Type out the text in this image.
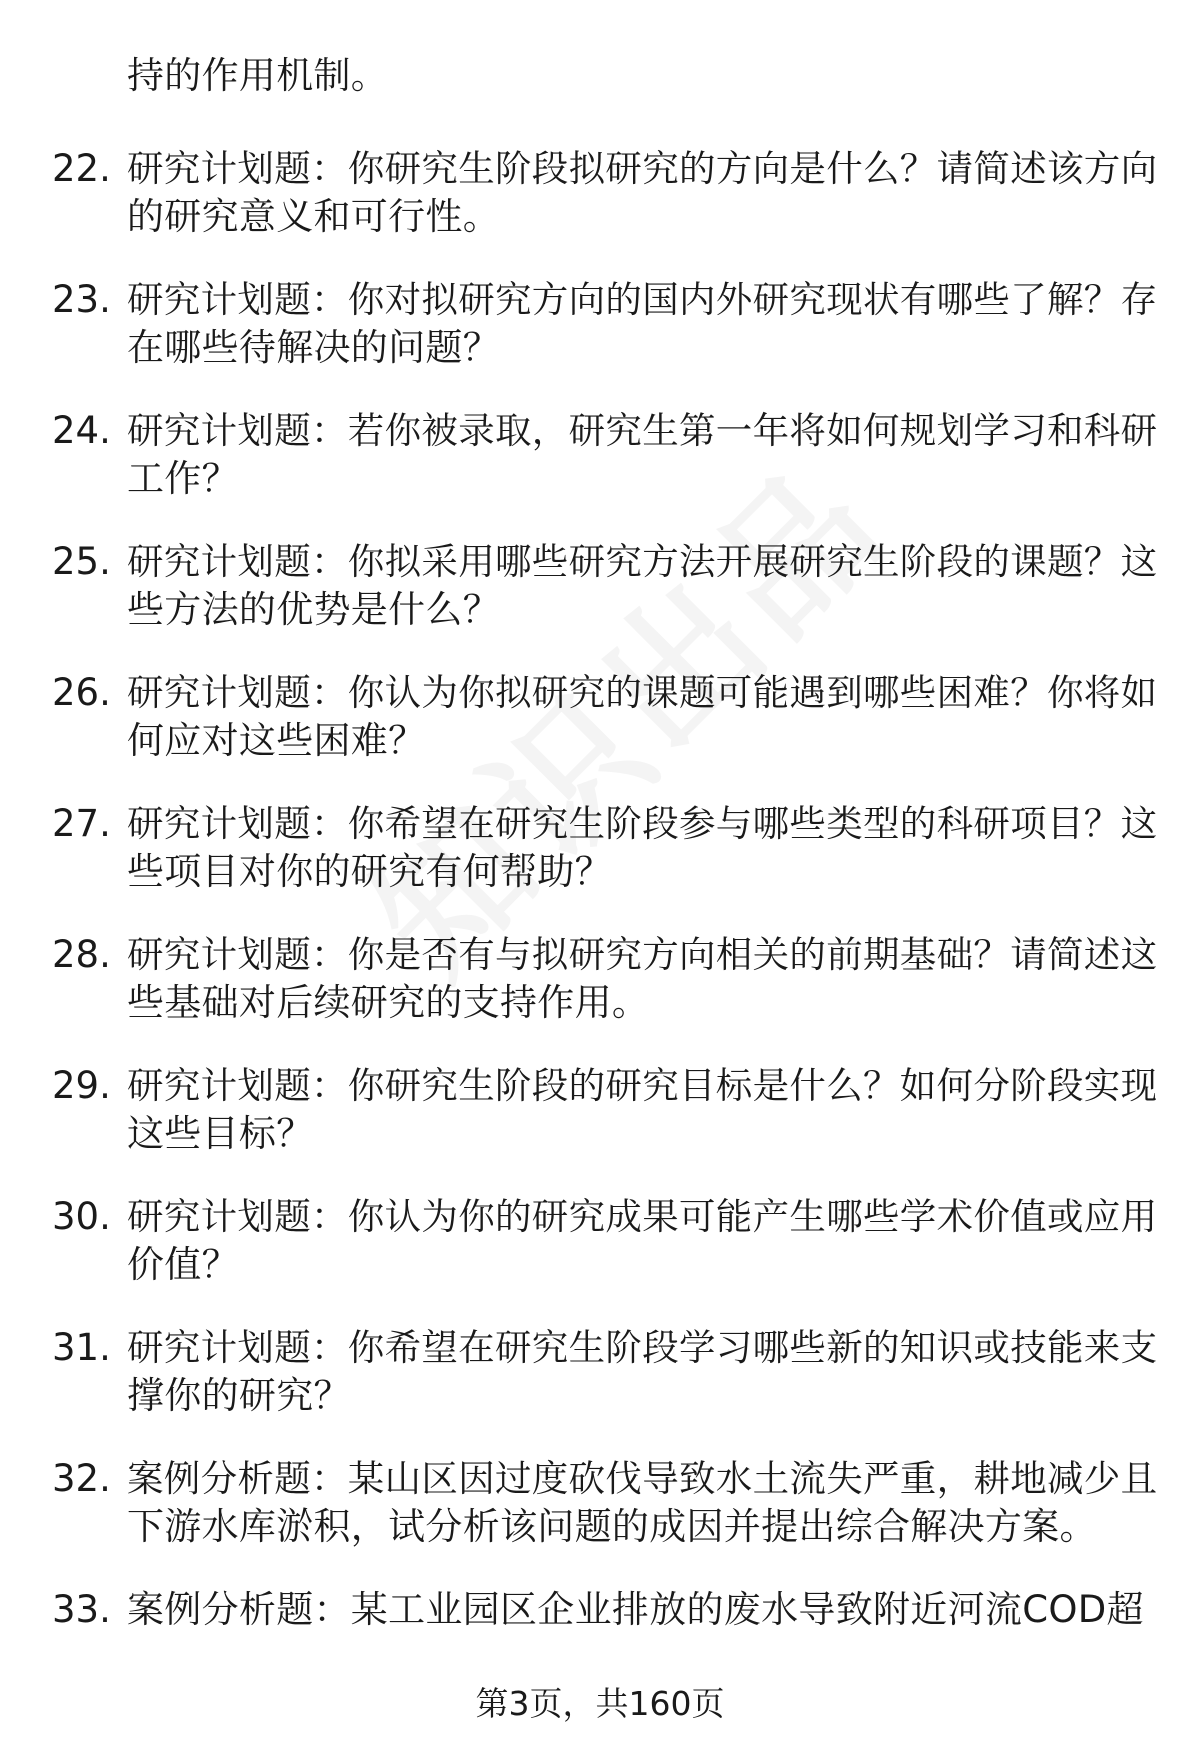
持的作用机制。
22. 研究计划题：你研究生阶段拟研究的方向是什么？请简述该方向
的研究意义和可行性。
23. 研究计划题：你对拟研究方向的国内外研究现状有哪些了解？存
在哪些待解决的问题？
24. 研究计划题：若你被录取，研究生第一年将如何规划学习和科研
工作？
25. 研究计划题：你拟采用哪些研究方法开展研究生阶段的课题？这
些方法的优势是什么？
26. 研究计划题：你认为你拟研究的课题可能遇到哪些困难？你将如
何应对这些困难？
27. 研究计划题：你希望在研究生阶段参与哪些类型的科研项目？这
些项目对你的研究有何帮助？
28. 研究计划题：你是否有与拟研究方向相关的前期基础？请简述这
些基础对后续研究的支持作用。
29. 研究计划题：你研究生阶段的研究目标是什么？如何分阶段实现
这些目标？
30. 研究计划题：你认为你的研究成果可能产生哪些学术价值或应用
价值？
31. 研究计划题：你希望在研究生阶段学习哪些新的知识或技能来支
撑你的研究？
32. 案例分析题：某山区因过度砍伐导致水土流失严重，耕地减少且
下游水库淤积，试分析该问题的成因并提出综合解决方案。
33. 案例分析题：某工业园区企业排放的废水导致附近河流COD超
第3页，共160页
